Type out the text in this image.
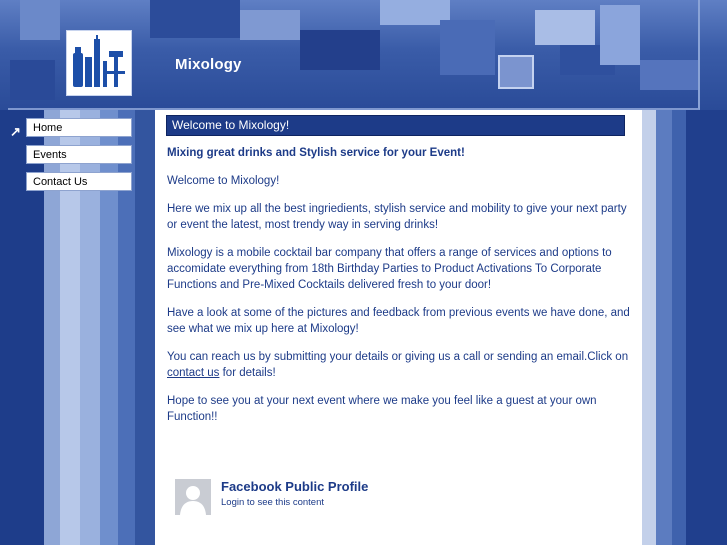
Mixology
↗	Home
Events
Contact Us
Welcome to Mixology!

Mixing great drinks and Stylish service for your Event!

Welcome to Mixology!

Here we mix up all the best ingriedients, stylish service and mobility to give your next party or event the latest, most trendy way in serving drinks!

Mixology is a mobile cocktail bar company that offers a range of services and options to accomidate everything from 18th Birthday Parties to Product Activations To Corporate Functions and Pre-Mixed Cocktails delivered fresh to your door!

Have a look at some of the pictures and feedback from previous events we have done, and see what we mix up here at Mixology!

You can reach us by submitting your details or giving us a call or sending an email.Click on contact us for details!

Hope to see you at your next event where we make you feel like a guest at your own Function!!

Facebook Public Profile
Login to see this content
